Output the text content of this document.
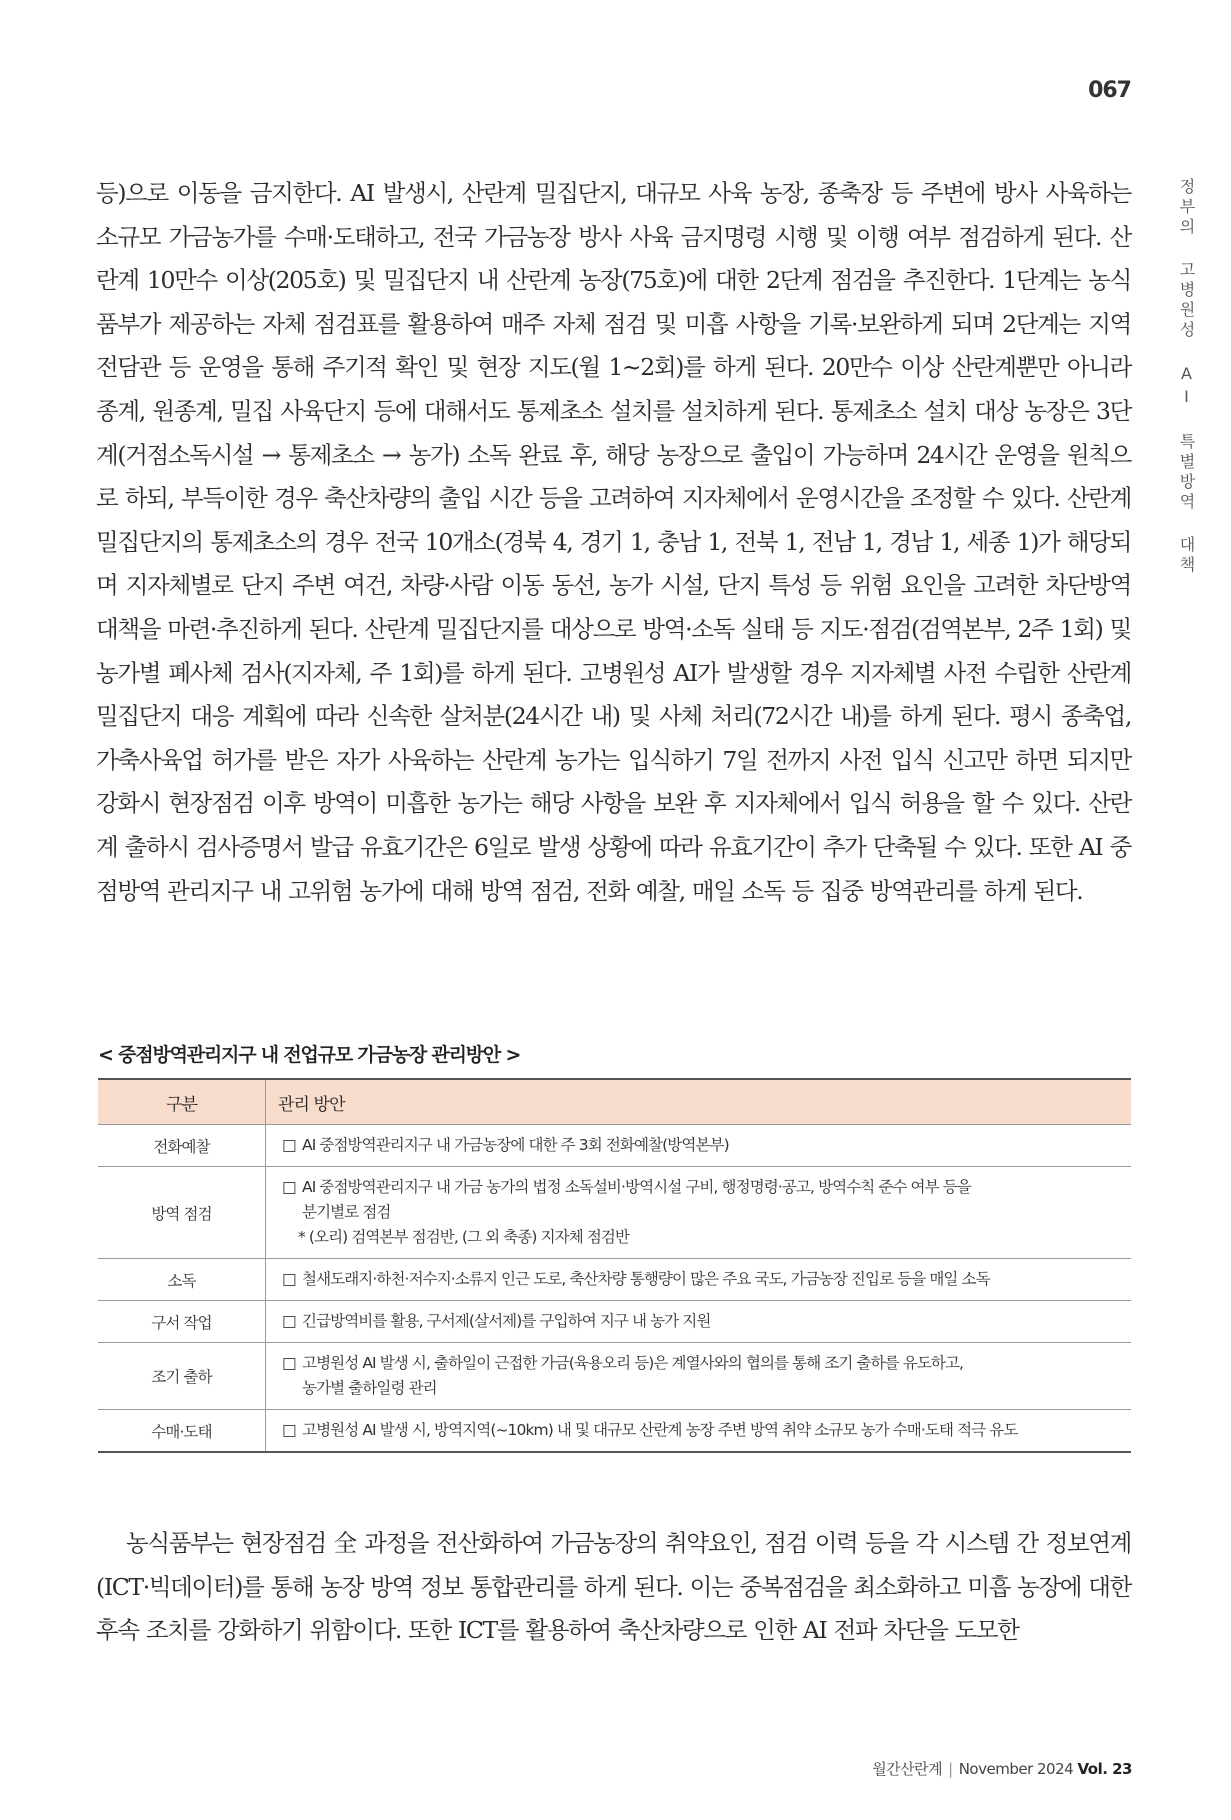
067
정부의 고병원성 AI 특별방역 대책

등)으로 이동을 금지한다. AI 발생시, 산란계 밀집단지, 대규모 사육 농장, 종축장 등 주변에 방사 사육하는 소규모 가금농가를 수매·도태하고, 전국 가금농장 방사 사육 금지명령 시행 및 이행 여부 점검하게 된다. 산란계 10만수 이상(205호) 및 밀집단지 내 산란계 농장(75호)에 대한 2단계 점검을 추진한다. 1단계는 농식품부가 제공하는 자체 점검표를 활용하여 매주 자체 점검 및 미흡 사항을 기록·보완하게 되며 2단계는 지역 전담관 등 운영을 통해 주기적 확인 및 현장 지도(월 1~2회)를 하게 된다. 20만수 이상 산란계뿐만 아니라 종계, 원종계, 밀집 사육단지 등에 대해서도 통제초소 설치를 설치하게 된다. 통제초소 설치 대상 농장은 3단계(거점소독시설 → 통제초소 → 농가) 소독 완료 후, 해당 농장으로 출입이 가능하며 24시간 운영을 원칙으로 하되, 부득이한 경우 축산차량의 출입 시간 등을 고려하여 지자체에서 운영시간을 조정할 수 있다. 산란계 밀집단지의 통제초소의 경우 전국 10개소(경북 4, 경기 1, 충남 1, 전북 1, 전남 1, 경남 1, 세종 1)가 해당되며 지자체별로 단지 주변 여건, 차량·사람 이동 동선, 농가 시설, 단지 특성 등 위험 요인을 고려한 차단방역 대책을 마련·추진하게 된다. 산란계 밀집단지를 대상으로 방역·소독 실태 등 지도·점검(검역본부, 2주 1회) 및 농가별 폐사체 검사(지자체, 주 1회)를 하게 된다. 고병원성 AI가 발생할 경우 지자체별 사전 수립한 산란계 밀집단지 대응 계획에 따라 신속한 살처분(24시간 내) 및 사체 처리(72시간 내)를 하게 된다. 평시 종축업, 가축사육업 허가를 받은 자가 사육하는 산란계 농가는 입식하기 7일 전까지 사전 입식 신고만 하면 되지만 강화시 현장점검 이후 방역이 미흡한 농가는 해당 사항을 보완 후 지자체에서 입식 허용을 할 수 있다. 산란계 출하시 검사증명서 발급 유효기간은 6일로 발생 상황에 따라 유효기간이 추가 단축될 수 있다. 또한 AI 중점방역 관리지구 내 고위험 농가에 대해 방역 점검, 전화 예찰, 매일 소독 등 집중 방역관리를 하게 된다.

< 중점방역관리지구 내 전업규모 가금농장 관리방안 >
구분	관리 방안
전화예찰	□ AI 중점방역관리지구 내 가금농장에 대한 주 3회 전화예찰(방역본부)

방역 점검	□ AI 중점방역관리지구 내 가금 농가의 법정 소독설비·방역시설 구비, 행정명령·공고, 방역수칙 준수 여부 등을
분기별로 점검
* (오리) 검역본부 점검반, (그 외 축종) 지자체 점검반

소독	□ 철새도래지·하천·저수지·소류지 인근 도로, 축산차량 통행량이 많은 주요 국도, 가금농장 진입로 등을 매일 소독

구서 작업	□ 긴급방역비를 활용, 구서제(살서제)를 구입하여 지구 내 농가 지원

조기 출하	□ 고병원성 AI 발생 시, 출하일이 근접한 가금(육용오리 등)은 계열사와의 협의를 통해 조기 출하를 유도하고,
농가별 출하일령 관리

수매·도태	□ 고병원성 AI 발생 시, 방역지역(~10km) 내 및 대규모 산란계 농장 주변 방역 취약 소규모 농가 수매·도태 적극 유도

농식품부는 현장점검 全 과정을 전산화하여 가금농장의 취약요인, 점검 이력 등을 각 시스템 간 정보연계(ICT·빅데이터)를 통해 농장 방역 정보 통합관리를 하게 된다. 이는 중복점검을 최소화하고 미흡 농장에 대한 후속 조치를 강화하기 위함이다. 또한 ICT를 활용하여 축산차량으로 인한 AI 전파 차단을 도모한

월간산란계 | November 2024 Vol. 23
